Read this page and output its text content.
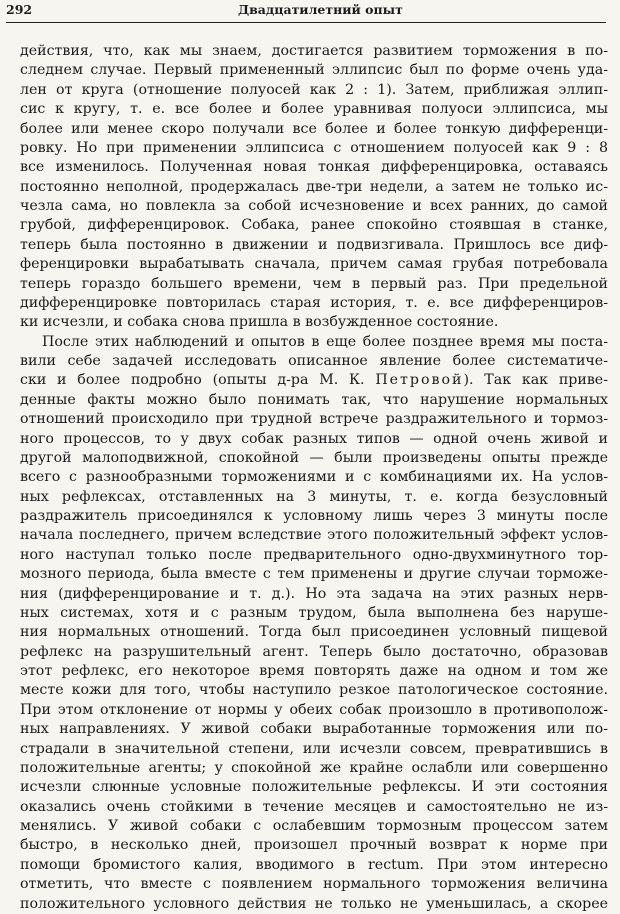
292	Двадцатилетний опыт
действия, что, как мы знаем, достигается развитием торможения в по-
следнем случае. Первый примененный эллипсис был по форме очень уда-
лен от круга (отношение полуосей как 2 : 1). Затем, приближая эллип-
сис к кругу, т. е. все более и более уравнивая полуоси эллипсиса, мы
более или менее скоро получали все более и более тонкую дифференци-
ровку. Но при применении эллипсиса с отношением полуосей как 9 : 8
все изменилось. Полученная новая тонкая дифференцировка, оставаясь
постоянно неполной, продержалась две-три недели, а затем не только ис-
чезла сама, но повлекла за собой исчезновение и всех ранних, до самой
грубой, дифференцировок. Собака, ранее спокойно стоявшая в станке,
теперь была постоянно в движении и подвизгивала. Пришлось все диф-
ференцировки вырабатывать сначала, причем самая грубая потребовала
теперь гораздо большего времени, чем в первый раз. При предельной
дифференцировке повторилась старая история, т. е. все дифференциров-
ки исчезли, и собака снова пришла в возбужденное состояние.
После этих наблюдений и опытов в еще более позднее время мы поста-
вили себе задачей исследовать описанное явление более систематиче-
ски и более подробно (опыты д-ра М. К. Петровой). Так как приве-
денные факты можно было понимать так, что нарушение нормальных
отношений происходило при трудной встрече раздражительного и тормоз-
ного процессов, то у двух собак разных типов — одной очень живой и
другой малоподвижной, спокойной — были произведены опыты прежде
всего с разнообразными торможениями и с комбинациями их. На услов-
ных рефлексах, отставленных на 3 минуты, т. е. когда безусловный
раздражитель присоединялся к условному лишь через 3 минуты после
начала последнего, причем вследствие этого положительный эффект услов-
ного наступал только после предварительного одно-двухминутного тор-
мозного периода, была вместе с тем применены и другие случаи торможе-
ния (дифференцирование и т. д.). Но эта задача на этих разных нерв-
ных системах, хотя и с разным трудом, была выполнена без наруше-
ния нормальных отношений. Тогда был присоединен условный пищевой
рефлекс на разрушительный агент. Теперь было достаточно, образовав
этот рефлекс, его некоторое время повторять даже на одном и том же
месте кожи для того, чтобы наступило резкое патологическое состояние.
При этом отклонение от нормы у обеих собак произошло в противополож-
ных направлениях. У живой собаки выработанные торможения или по-
страдали в значительной степени, или исчезли совсем, превратившись в
положительные агенты; у спокойной же крайне ослабли или совершенно
исчезли слюнные условные положительные рефлексы. И эти состояния
оказались очень стойкими в течение месяцев и самостоятельно не из-
менялись. У живой собаки с ослабевшим тормозным процессом затем
быстро, в несколько дней, произошел прочный возврат к норме при
помощи бромистого калия, вводимого в rectum. При этом интересно
отметить, что вместе с появлением нормального торможения величина
положительного условного действия не только не уменьшилась, а скорее
